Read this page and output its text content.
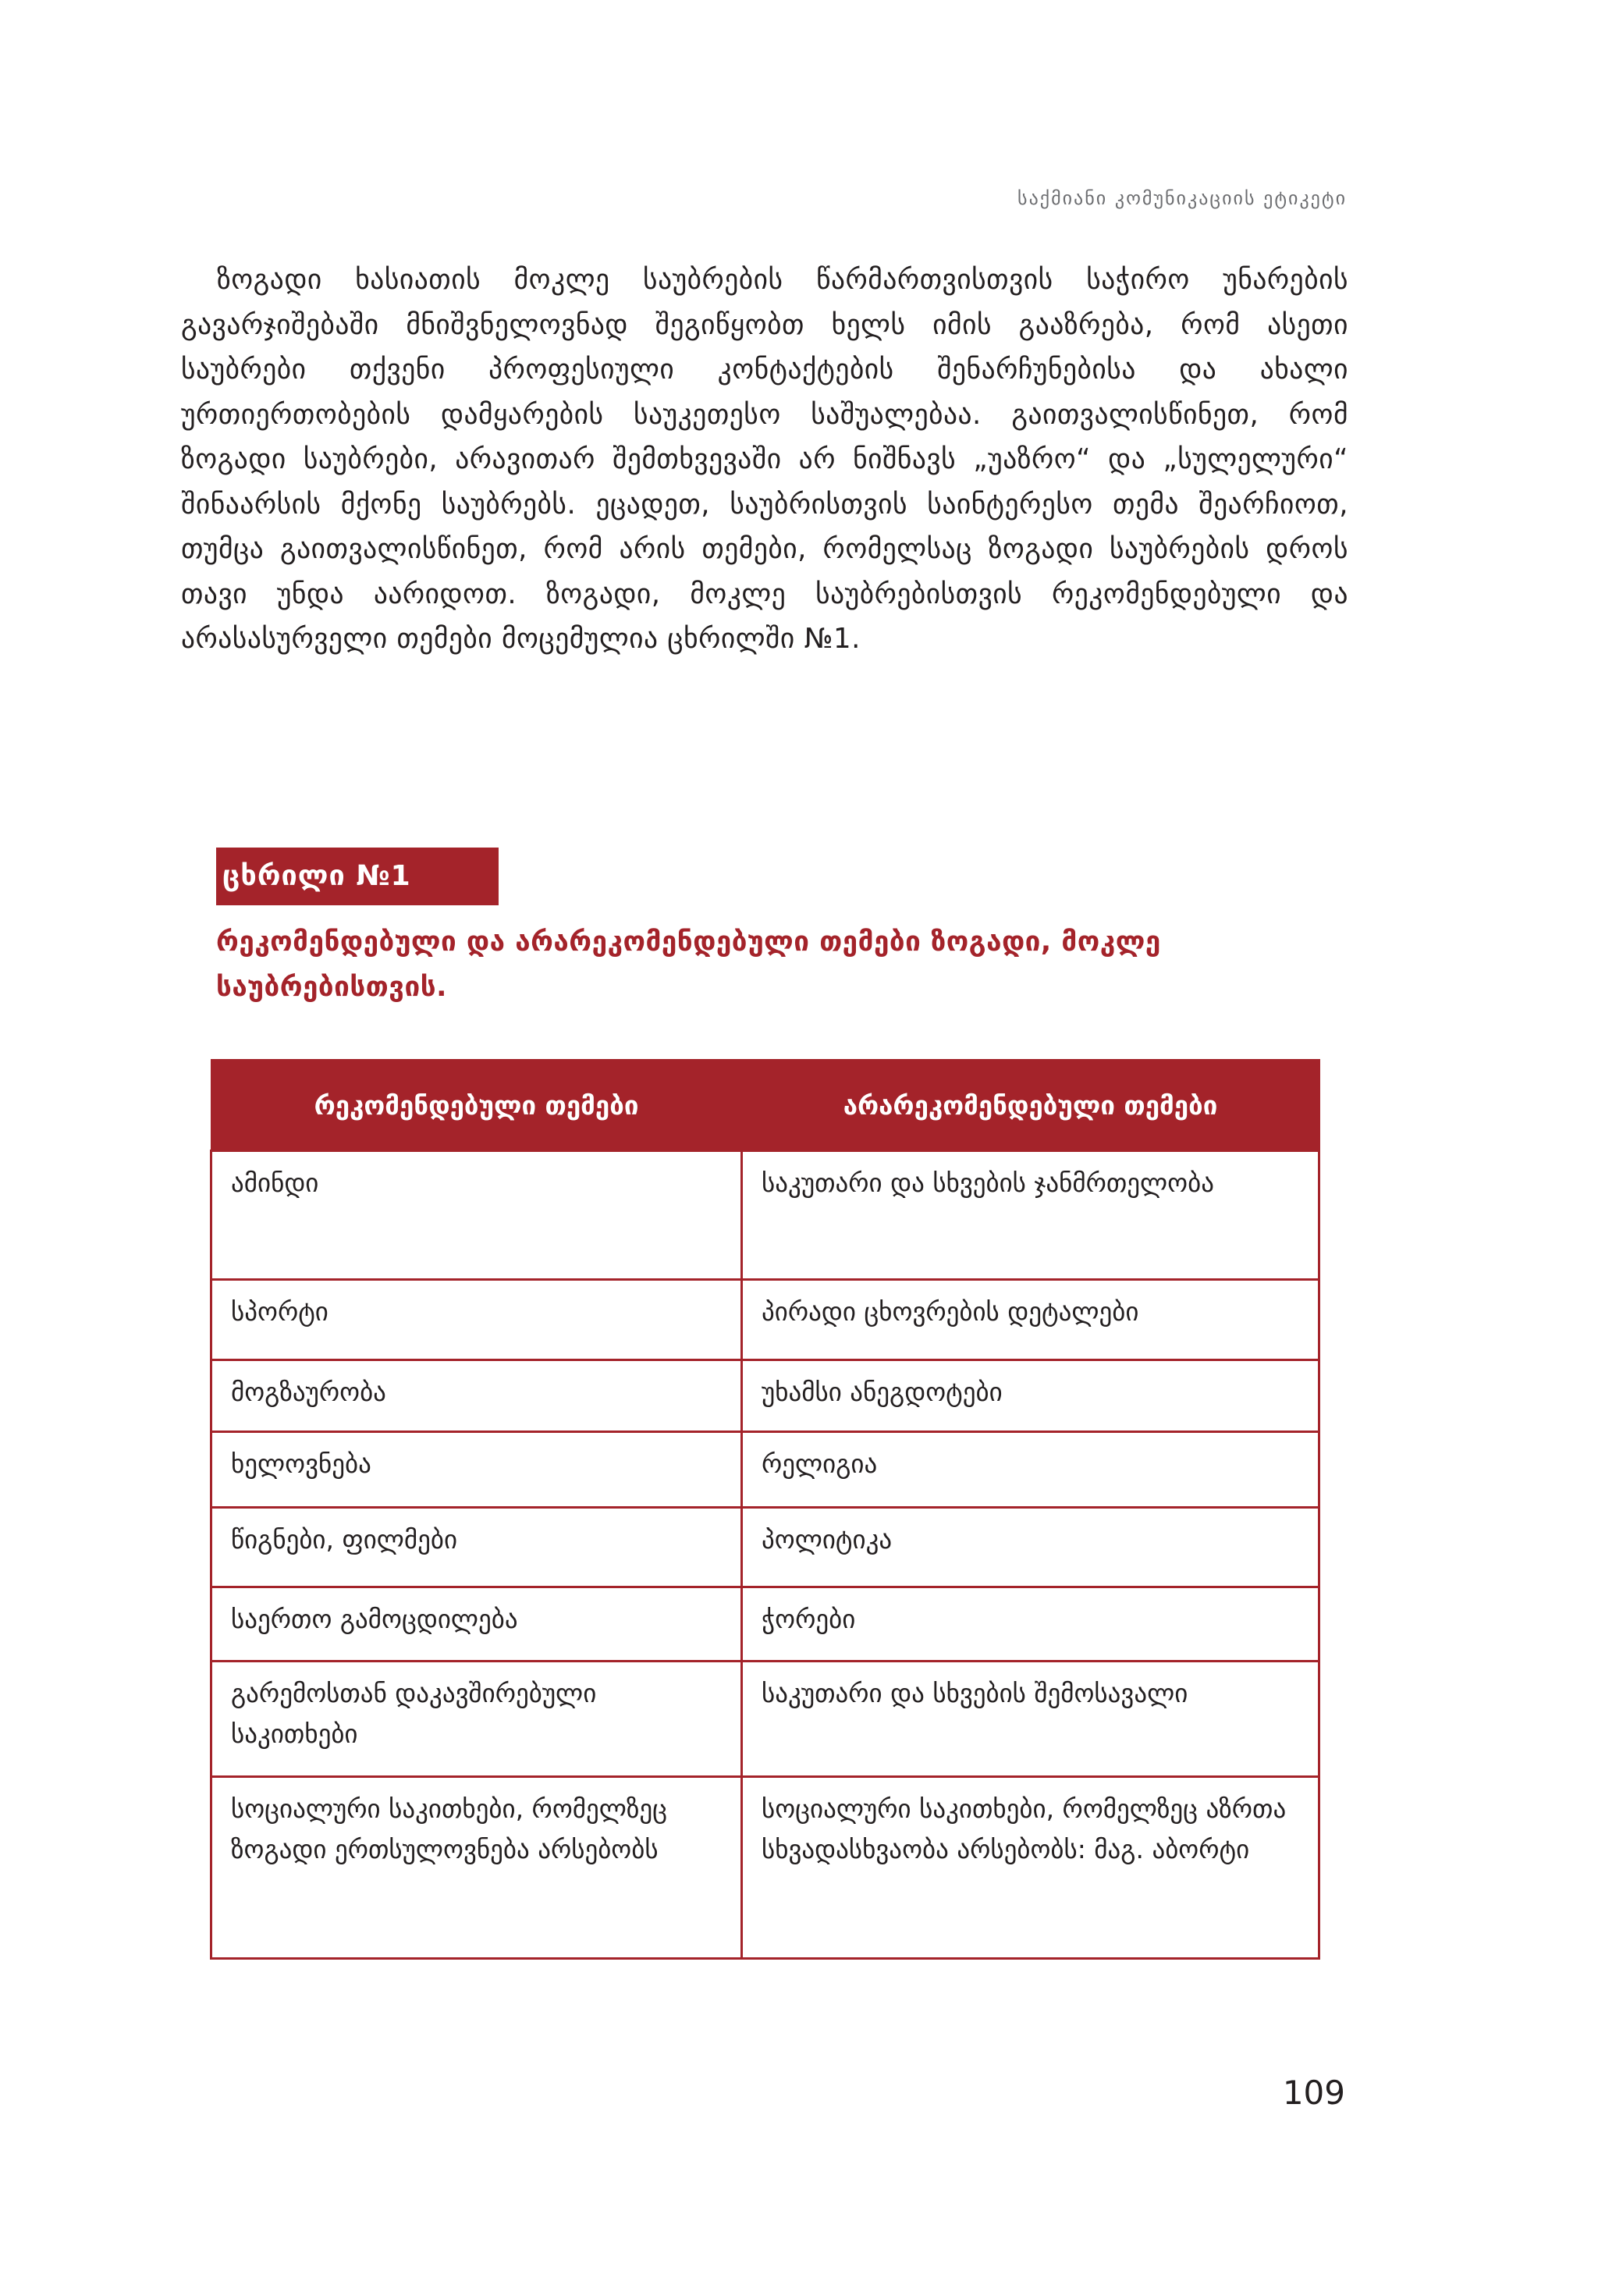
საქმიანი კომუნიკაციის ეტიკეტი

ზოგადი ხასიათის მოკლე საუბრების წარმართვისთვის საჭირო უნარების გავარჯიშებაში მნიშვნელოვნად შეგიწყობთ ხელს იმის გააზრება, რომ ასეთი საუბრები თქვენი პროფესიული კონტაქტების შენარჩუნებისა და ახალი ურთიერთობების დამყარების საუკეთესო საშუალებაა. გაითვალისწინეთ, რომ ზოგადი საუბრები, არავითარ შემთხვევაში არ ნიშნავს „უაზრო“ და „სულელური“ შინაარსის მქონე საუბრებს. ეცადეთ, საუბრისთვის საინტერესო თემა შეარჩიოთ, თუმცა გაითვალისწინეთ, რომ არის თემები, რომელსაც ზოგადი საუბრების დროს თავი უნდა აარიდოთ. ზოგადი, მოკლე საუბრებისთვის რეკომენდებული და არასასურველი თემები მოცემულია ცხრილში №1.

ცხრილი №1

რეკომენდებული და არარეკომენდებული თემები ზოგადი, მოკლე საუბრებისთვის.

რეკომენდებული თემები	არარეკომენდებული თემები
ამინდი	საკუთარი და სხვების ჯანმრთელობა
სპორტი	პირადი ცხოვრების დეტალები
მოგზაურობა	უხამსი ანეგდოტები
ხელოვნება	რელიგია
წიგნები, ფილმები	პოლიტიკა
საერთო გამოცდილება	ჭორები
გარემოსთან დაკავშირებული საკითხები	საკუთარი და სხვების შემოსავალი
სოციალური საკითხები, რომელზეც ზოგადი ერთსულოვნება არსებობს	სოციალური საკითხები, რომელზეც აზრთა სხვადასხვაობა არსებობს: მაგ. აბორტი
109
